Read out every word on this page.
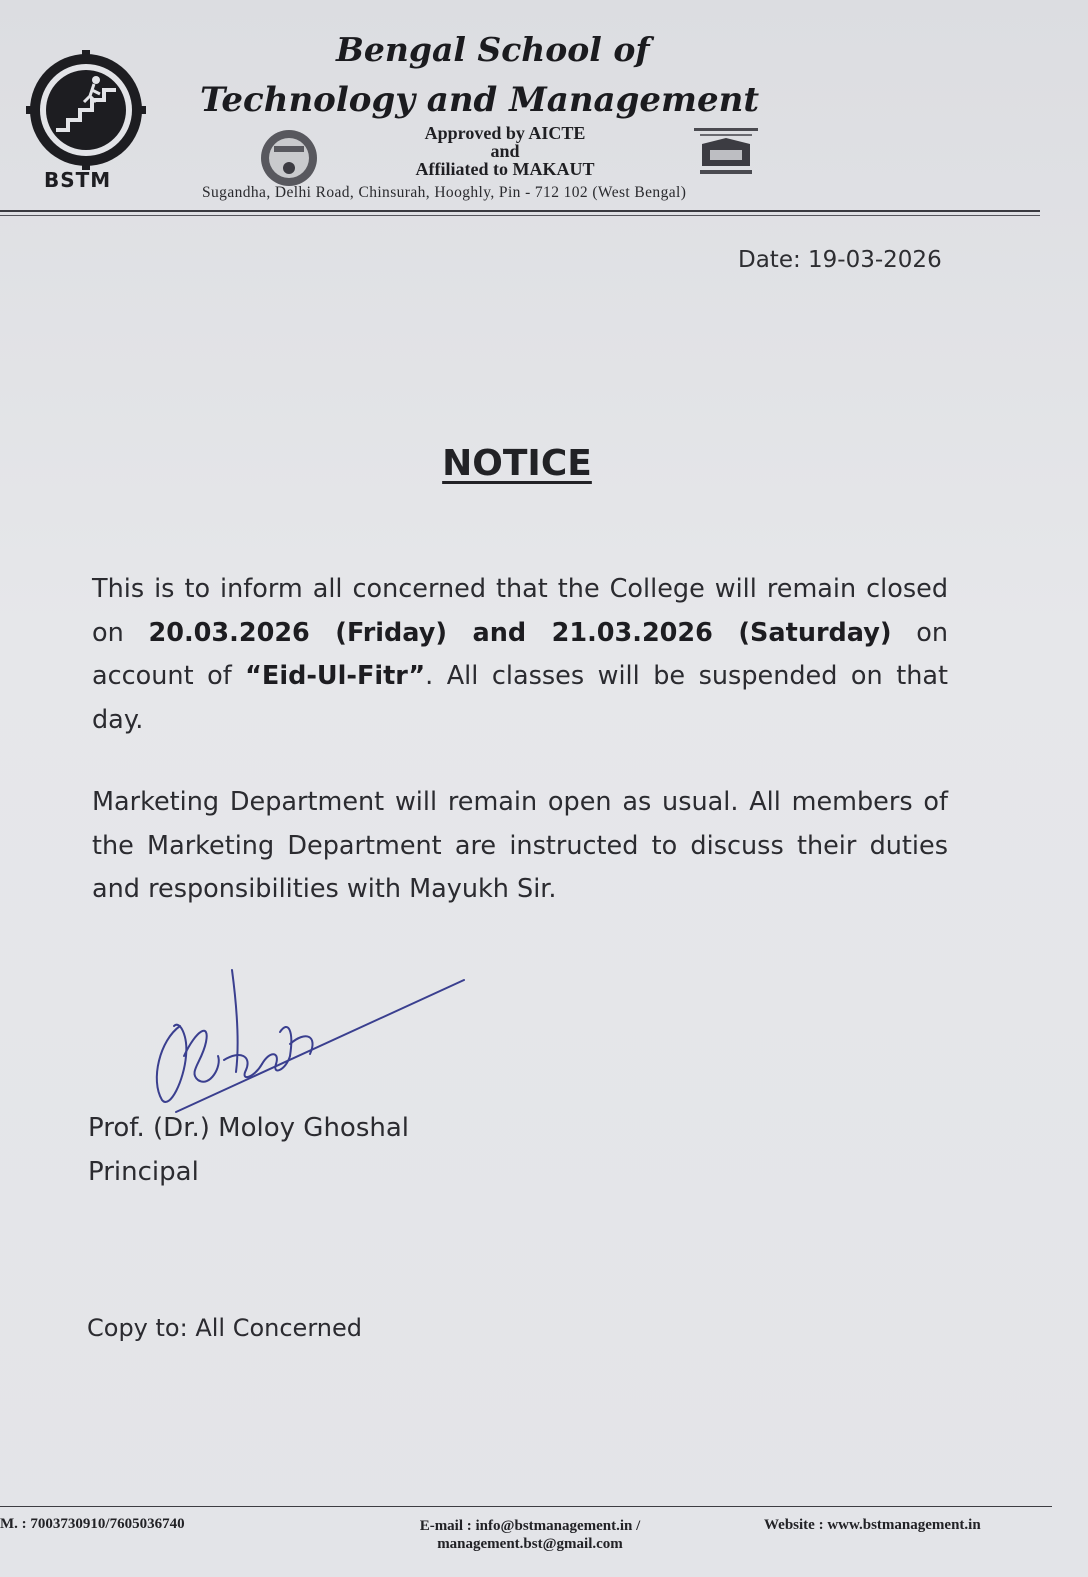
BSTM
Bengal School of
Technology and Management
Approved by AICTE
and
Affiliated to MAKAUT
Sugandha, Delhi Road, Chinsurah, Hooghly, Pin - 712 102 (West Bengal)
Date: 19-03-2026
NOTICE
This is to inform all concerned that the College will remain closed on 20.03.2026 (Friday) and 21.03.2026 (Saturday) on account of “Eid-Ul-Fitr”. All classes will be suspended on that day.
Marketing Department will remain open as usual. All members of the Marketing Department are instructed to discuss their duties and responsibilities with Mayukh Sir.
Prof. (Dr.) Moloy Ghoshal
Principal
Copy to: All Concerned
M. : 7003730910/7605036740	E-mail : info@bstmanagement.in /
management.bst@gmail.com
Website : www.bstmanagement.in
